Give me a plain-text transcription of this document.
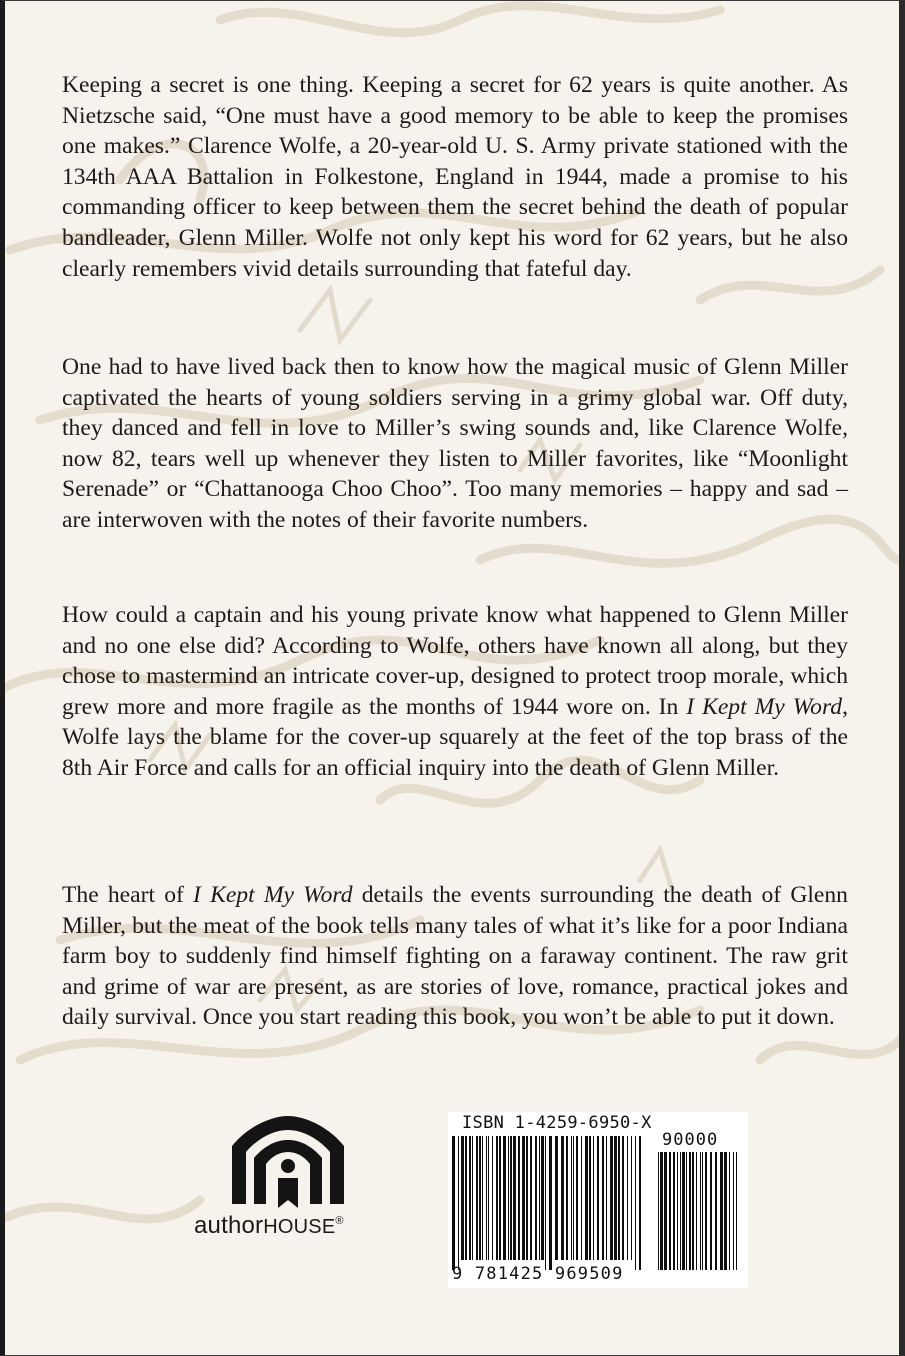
Keeping a secret is one thing. Keeping a secret for 62 years is quite another. As Nietzsche said, “One must have a good memory to be able to keep the promises one makes.” Clarence Wolfe, a 20-year-old U. S. Army private stationed with the 134th AAA Battalion in Folkestone, England in 1944, made a promise to his commanding officer to keep between them the secret behind the death of popular bandleader, Glenn Miller. Wolfe not only kept his word for 62 years, but he also clearly remembers vivid details surrounding that fateful day.

One had to have lived back then to know how the magical music of Glenn Miller captivated the hearts of young soldiers serving in a grimy global war. Off duty, they danced and fell in love to Miller’s swing sounds and, like Clarence Wolfe, now 82, tears well up whenever they listen to Miller favorites, like “Moonlight Serenade” or “Chattanooga Choo Choo”. Too many memories – happy and sad – are interwoven with the notes of their favorite numbers.

How could a captain and his young private know what happened to Glenn Miller and no one else did? According to Wolfe, others have known all along, but they chose to mastermind an intricate cover-up, designed to protect troop morale, which grew more and more fragile as the months of 1944 wore on. In I Kept My Word, Wolfe lays the blame for the cover-up squarely at the feet of the top brass of the 8th Air Force and calls for an official inquiry into the death of Glenn Miller.

The heart of I Kept My Word details the events surrounding the death of Glenn Miller, but the meat of the book tells many tales of what it’s like for a poor Indiana farm boy to suddenly find himself fighting on a faraway continent. The raw grit and grime of war are present, as are stories of love, romance, practical jokes and daily survival. Once you start reading this book, you won’t be able to put it down.

authorHOUSE®
ISBN 1-4259-6950-X
90000
9 781425 969509
